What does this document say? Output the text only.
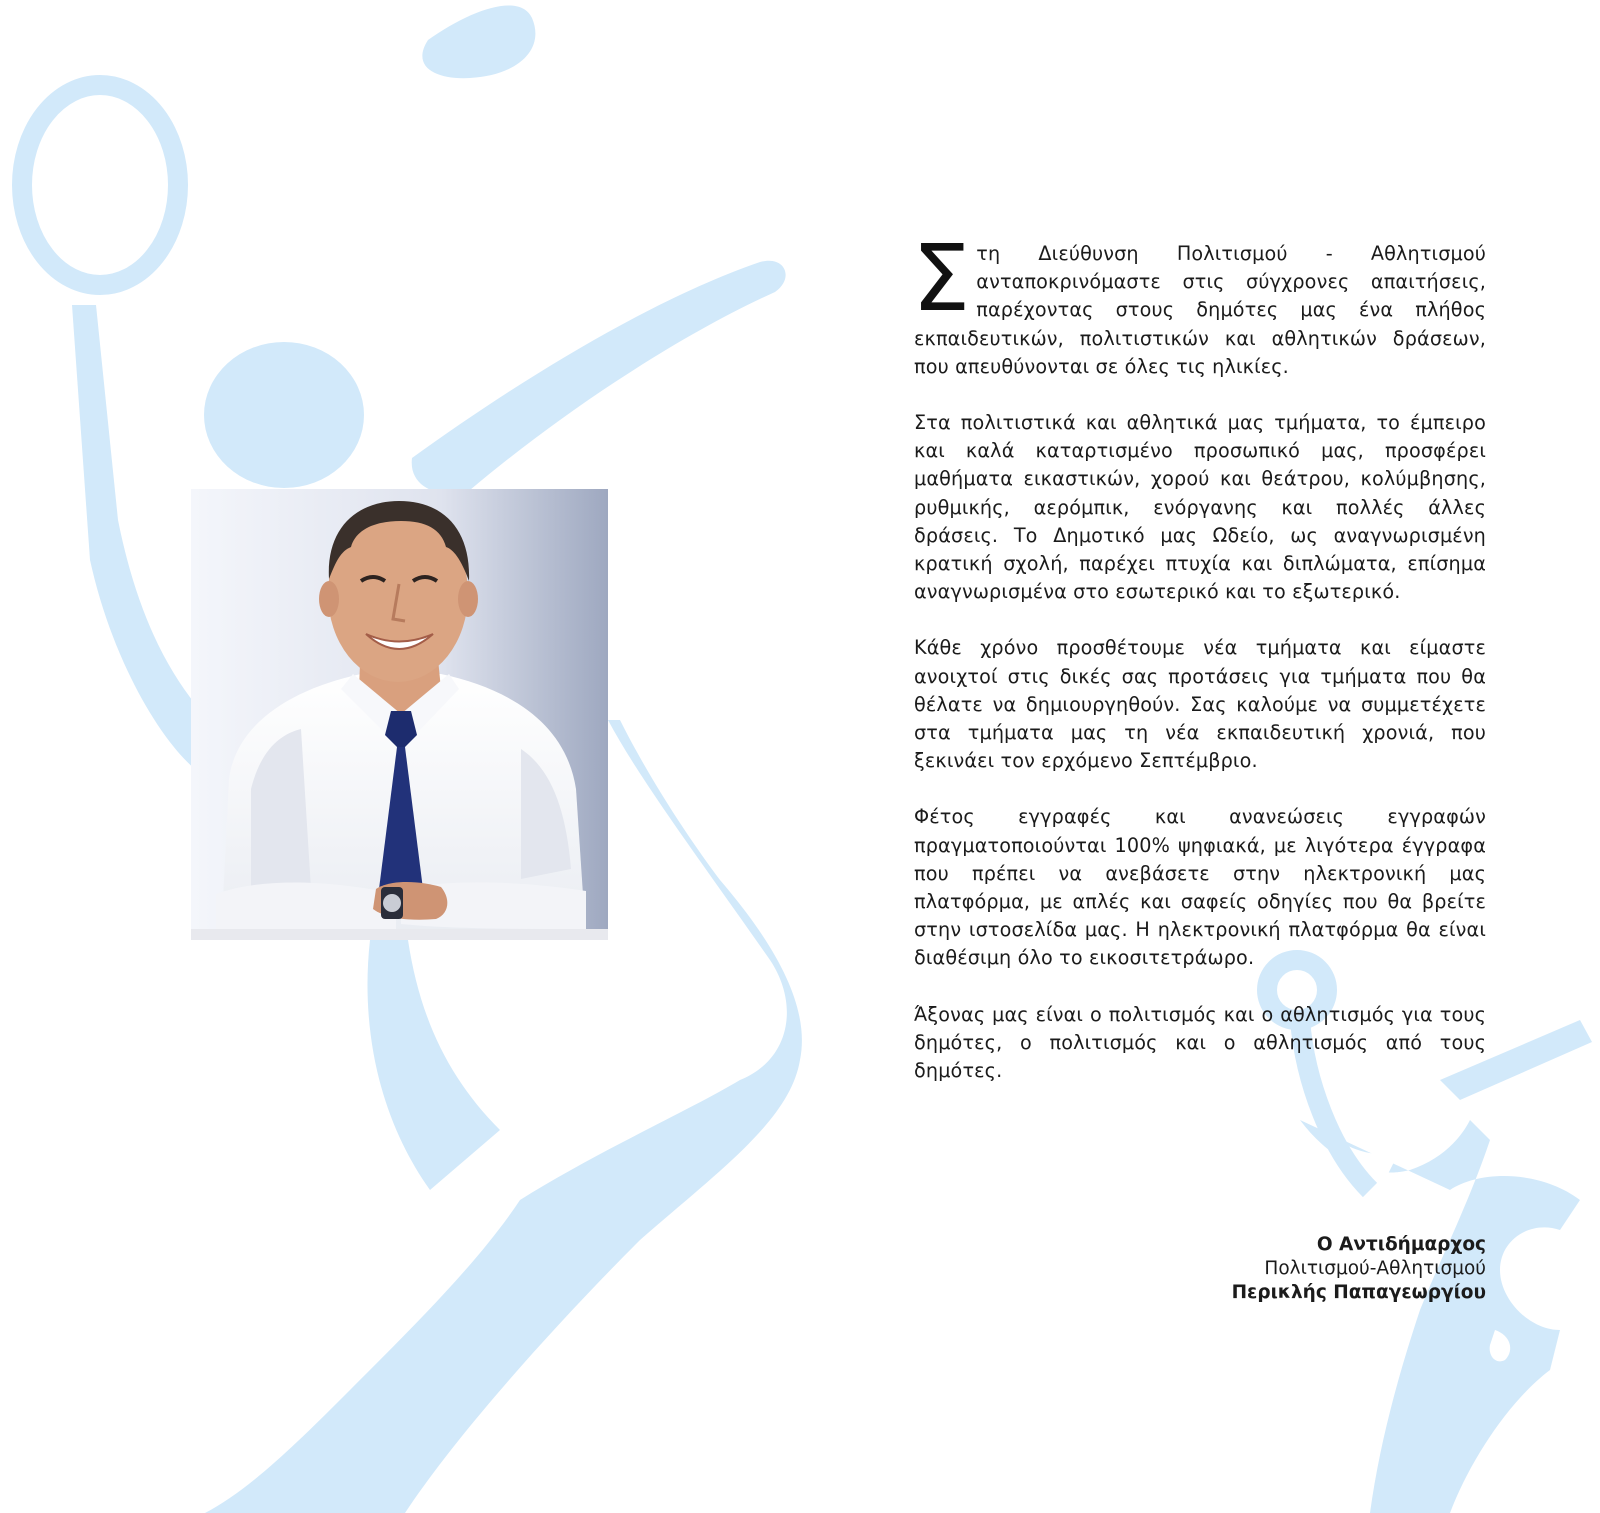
Στη Διεύθυνση Πολιτισμού - Αθλητισμού ανταποκρινόμαστε στις σύγχρονες απαιτήσεις, παρέχοντας στους δημότες μας ένα πλήθος εκπαιδευτικών, πολιτιστικών και αθλητικών δράσεων, που απευθύνονται σε όλες τις ηλικίες.

Στα πολιτιστικά και αθλητικά μας τμήματα, το έμπειρο και καλά καταρτισμένο προσωπικό μας, προσφέρει μαθήματα εικαστικών, χορού και θεάτρου, κολύμβησης, ρυθμικής, αερόμπικ, ενόργανης και πολλές άλλες δράσεις. Το Δημοτικό μας Ωδείο, ως αναγνωρισμένη κρατική σχολή, παρέχει πτυχία και διπλώματα, επίσημα αναγνωρισμένα στο εσωτερικό και το εξωτερικό.

Κάθε χρόνο προσθέτουμε νέα τμήματα και είμαστε ανοιχτοί στις δικές σας προτάσεις για τμήματα που θα θέλατε να δημιουργηθούν. Σας καλούμε να συμμετέχετε στα τμήματα μας τη νέα εκπαιδευτική χρονιά, που ξεκινάει τον ερχόμενο Σεπτέμβριο.

Φέτος εγγραφές και ανανεώσεις εγγραφών πραγματοποιούνται 100% ψηφιακά, με λιγότερα έγγραφα που πρέπει να ανεβάσετε στην ηλεκτρονική μας πλατφόρμα, με απλές και σαφείς οδηγίες που θα βρείτε στην ιστοσελίδα μας. Η ηλεκτρονική πλατφόρμα θα είναι διαθέσιμη όλο το εικοσιτετράωρο.

Άξονας μας είναι ο πολιτισμός και ο αθλητισμός για τους δημότες, ο πολιτισμός και ο αθλητισμός από τους δημότες.

Ο Αντιδήμαρχος
Πολιτισμού-Αθλητισμού
Περικλής Παπαγεωργίου
